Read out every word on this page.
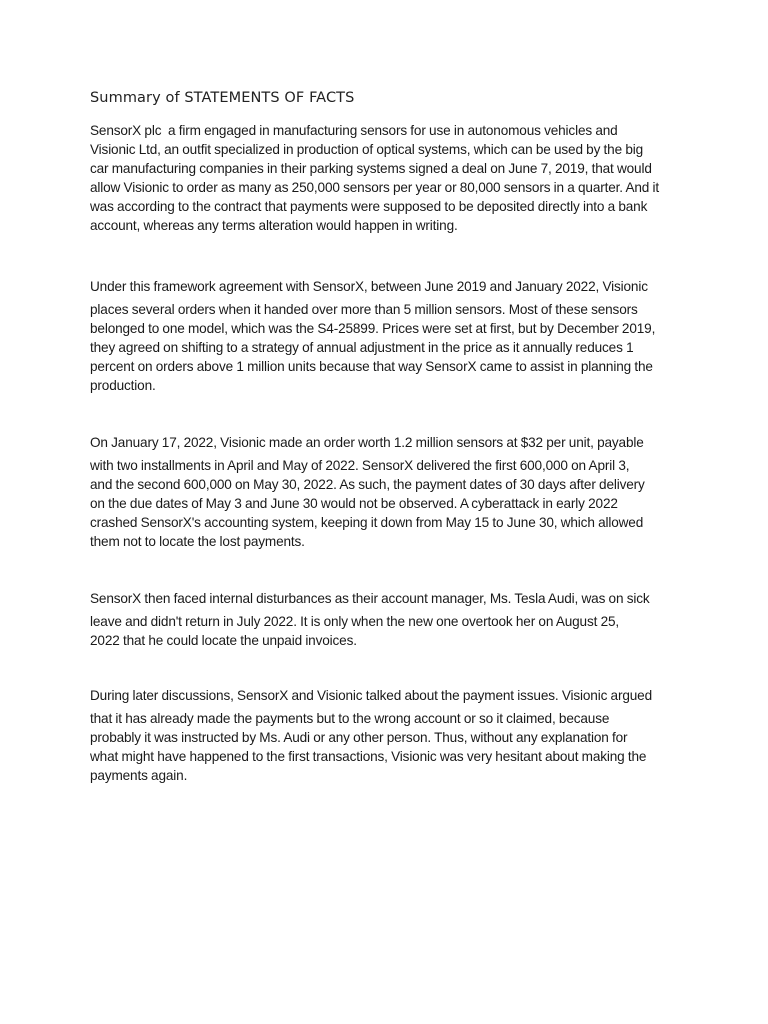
Summary of STATEMENTS OF FACTS
SensorX plc  a firm engaged in manufacturing sensors for use in autonomous vehicles and
Visionic Ltd, an outfit specialized in production of optical systems, which can be used by the big
car manufacturing companies in their parking systems signed a deal on June 7, 2019, that would
allow Visionic to order as many as 250,000 sensors per year or 80,000 sensors in a quarter. And it
was according to the contract that payments were supposed to be deposited directly into a bank
account, whereas any terms alteration would happen in writing.
Under this framework agreement with SensorX, between June 2019 and January 2022, Visionic
places several orders when it handed over more than 5 million sensors. Most of these sensors
belonged to one model, which was the S4-25899. Prices were set at first, but by December 2019,
they agreed on shifting to a strategy of annual adjustment in the price as it annually reduces 1
percent on orders above 1 million units because that way SensorX came to assist in planning the
production.
On January 17, 2022, Visionic made an order worth 1.2 million sensors at $32 per unit, payable
with two installments in April and May of 2022. SensorX delivered the first 600,000 on April 3,
and the second 600,000 on May 30, 2022. As such, the payment dates of 30 days after delivery
on the due dates of May 3 and June 30 would not be observed. A cyberattack in early 2022
crashed SensorX's accounting system, keeping it down from May 15 to June 30, which allowed
them not to locate the lost payments.
SensorX then faced internal disturbances as their account manager, Ms. Tesla Audi, was on sick
leave and didn't return in July 2022. It is only when the new one overtook her on August 25,
2022 that he could locate the unpaid invoices.
During later discussions, SensorX and Visionic talked about the payment issues. Visionic argued
that it has already made the payments but to the wrong account or so it claimed, because
probably it was instructed by Ms. Audi or any other person. Thus, without any explanation for
what might have happened to the first transactions, Visionic was very hesitant about making the
payments again.
